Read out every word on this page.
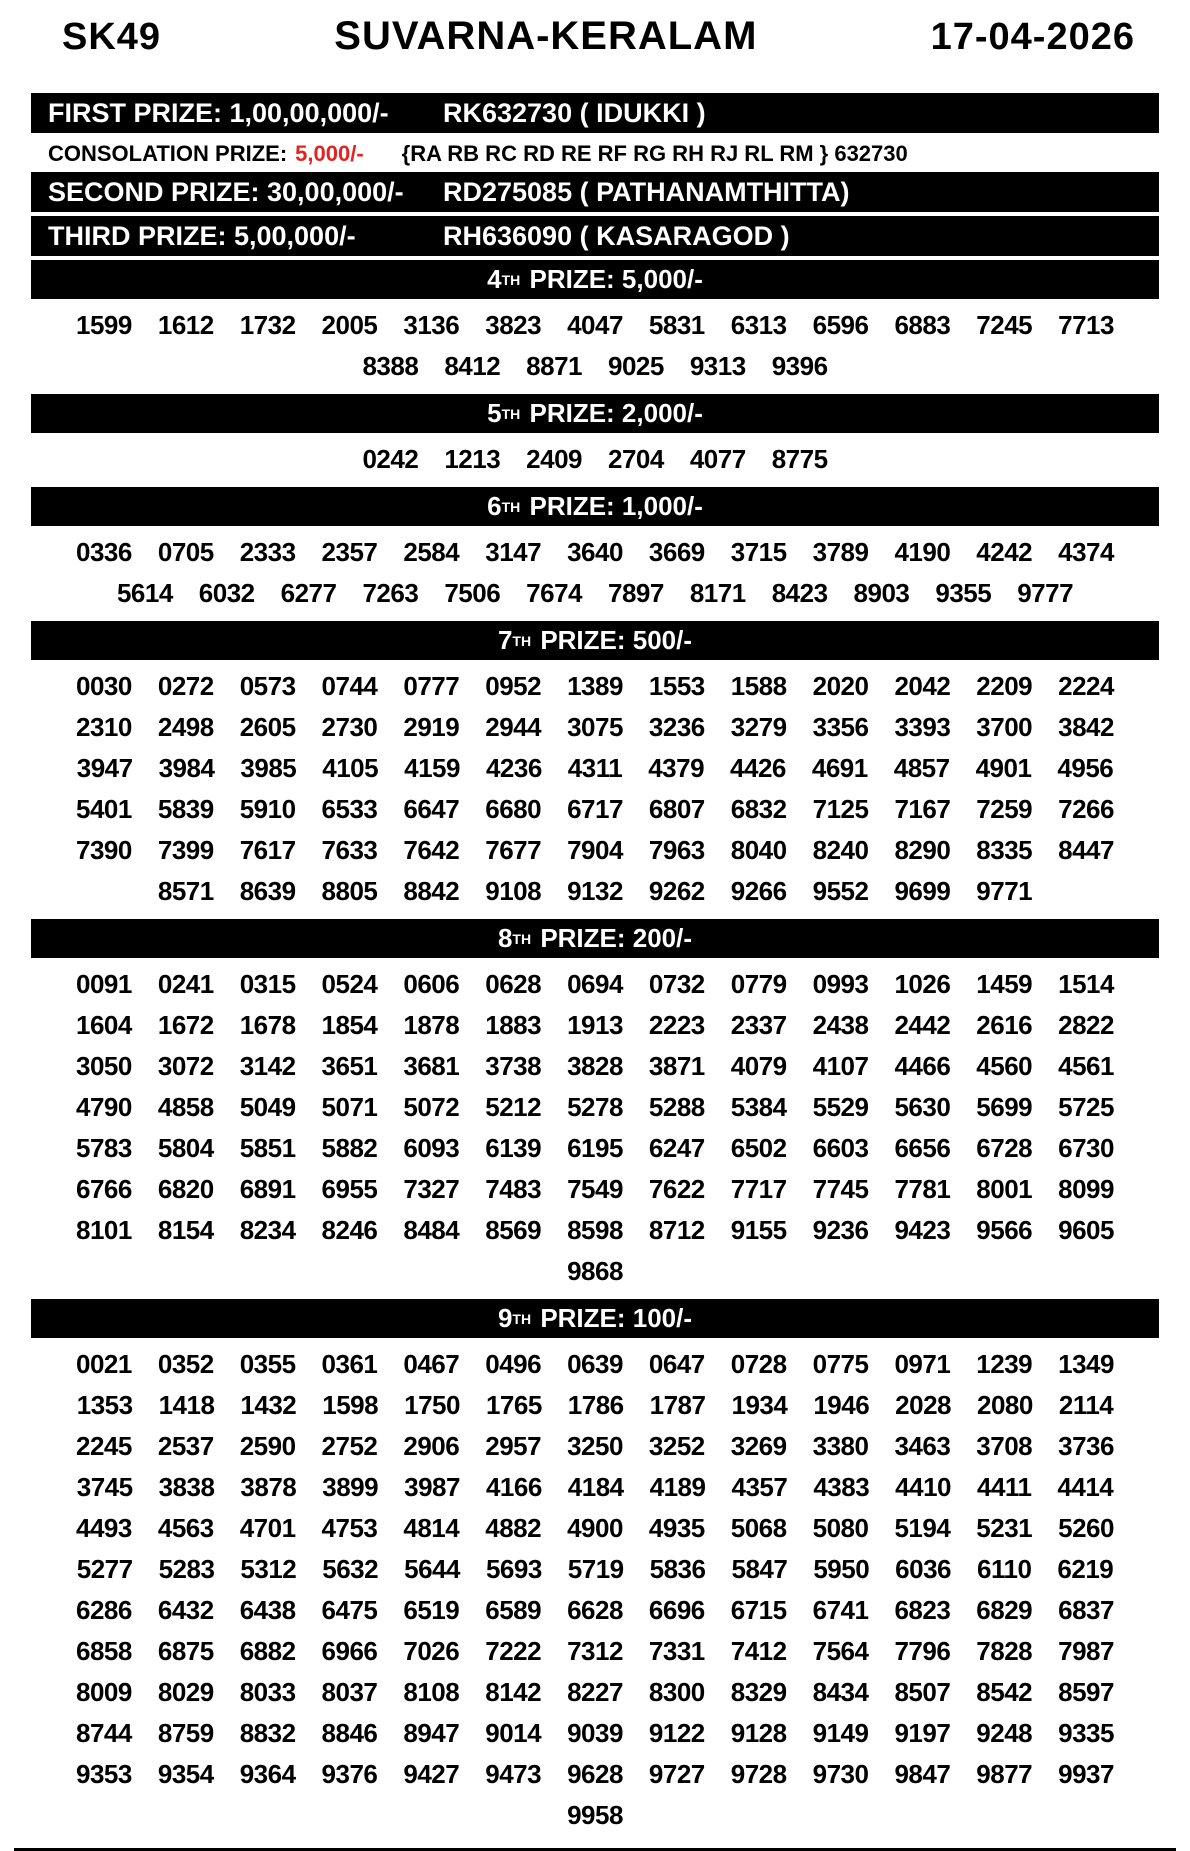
SK49	SUVARNA-KERALAM	17-04-2026
FIRST PRIZE: 1,00,00,000/-	RK632730 ( IDUKKI )
CONSOLATION PRIZE: 5,000/- {RA RB RC RD RE RF RG RH RJ RL RM } 632730
SECOND PRIZE: 30,00,000/-	RD275085 ( PATHANAMTHITTA)
THIRD PRIZE: 5,00,000/-	RH636090 ( KASARAGOD )
4 TH PRIZE: 5,000/-
1599 1612 1732 2005 3136 3823 4047 5831 6313 6596 6883 7245 7713
8388 8412 8871 9025 9313 9396
5 TH PRIZE: 2,000/-
0242 1213 2409 2704 4077 8775
6 TH PRIZE: 1,000/-
0336 0705 2333 2357 2584 3147 3640 3669 3715 3789 4190 4242 4374
5614 6032 6277 7263 7506 7674 7897 8171 8423 8903 9355 9777
7 TH PRIZE: 500/-
0030 0272 0573 0744 0777 0952 1389 1553 1588 2020 2042 2209 2224
2310 2498 2605 2730 2919 2944 3075 3236 3279 3356 3393 3700 3842
3947 3984 3985 4105 4159 4236 4311 4379 4426 4691 4857 4901 4956
5401 5839 5910 6533 6647 6680 6717 6807 6832 7125 7167 7259 7266
7390 7399 7617 7633 7642 7677 7904 7963 8040 8240 8290 8335 8447
8571 8639 8805 8842 9108 9132 9262 9266 9552 9699 9771
8 TH PRIZE: 200/-
0091 0241 0315 0524 0606 0628 0694 0732 0779 0993 1026 1459 1514
1604 1672 1678 1854 1878 1883 1913 2223 2337 2438 2442 2616 2822
3050 3072 3142 3651 3681 3738 3828 3871 4079 4107 4466 4560 4561
4790 4858 5049 5071 5072 5212 5278 5288 5384 5529 5630 5699 5725
5783 5804 5851 5882 6093 6139 6195 6247 6502 6603 6656 6728 6730
6766 6820 6891 6955 7327 7483 7549 7622 7717 7745 7781 8001 8099
8101 8154 8234 8246 8484 8569 8598 8712 9155 9236 9423 9566 9605
9868
9 TH PRIZE: 100/-
0021 0352 0355 0361 0467 0496 0639 0647 0728 0775 0971 1239 1349
1353 1418 1432 1598 1750 1765 1786 1787 1934 1946 2028 2080 2114
2245 2537 2590 2752 2906 2957 3250 3252 3269 3380 3463 3708 3736
3745 3838 3878 3899 3987 4166 4184 4189 4357 4383 4410 4411 4414
4493 4563 4701 4753 4814 4882 4900 4935 5068 5080 5194 5231 5260
5277 5283 5312 5632 5644 5693 5719 5836 5847 5950 6036 6110 6219
6286 6432 6438 6475 6519 6589 6628 6696 6715 6741 6823 6829 6837
6858 6875 6882 6966 7026 7222 7312 7331 7412 7564 7796 7828 7987
8009 8029 8033 8037 8108 8142 8227 8300 8329 8434 8507 8542 8597
8744 8759 8832 8846 8947 9014 9039 9122 9128 9149 9197 9248 9335
9353 9354 9364 9376 9427 9473 9628 9727 9728 9730 9847 9877 9937
9958
